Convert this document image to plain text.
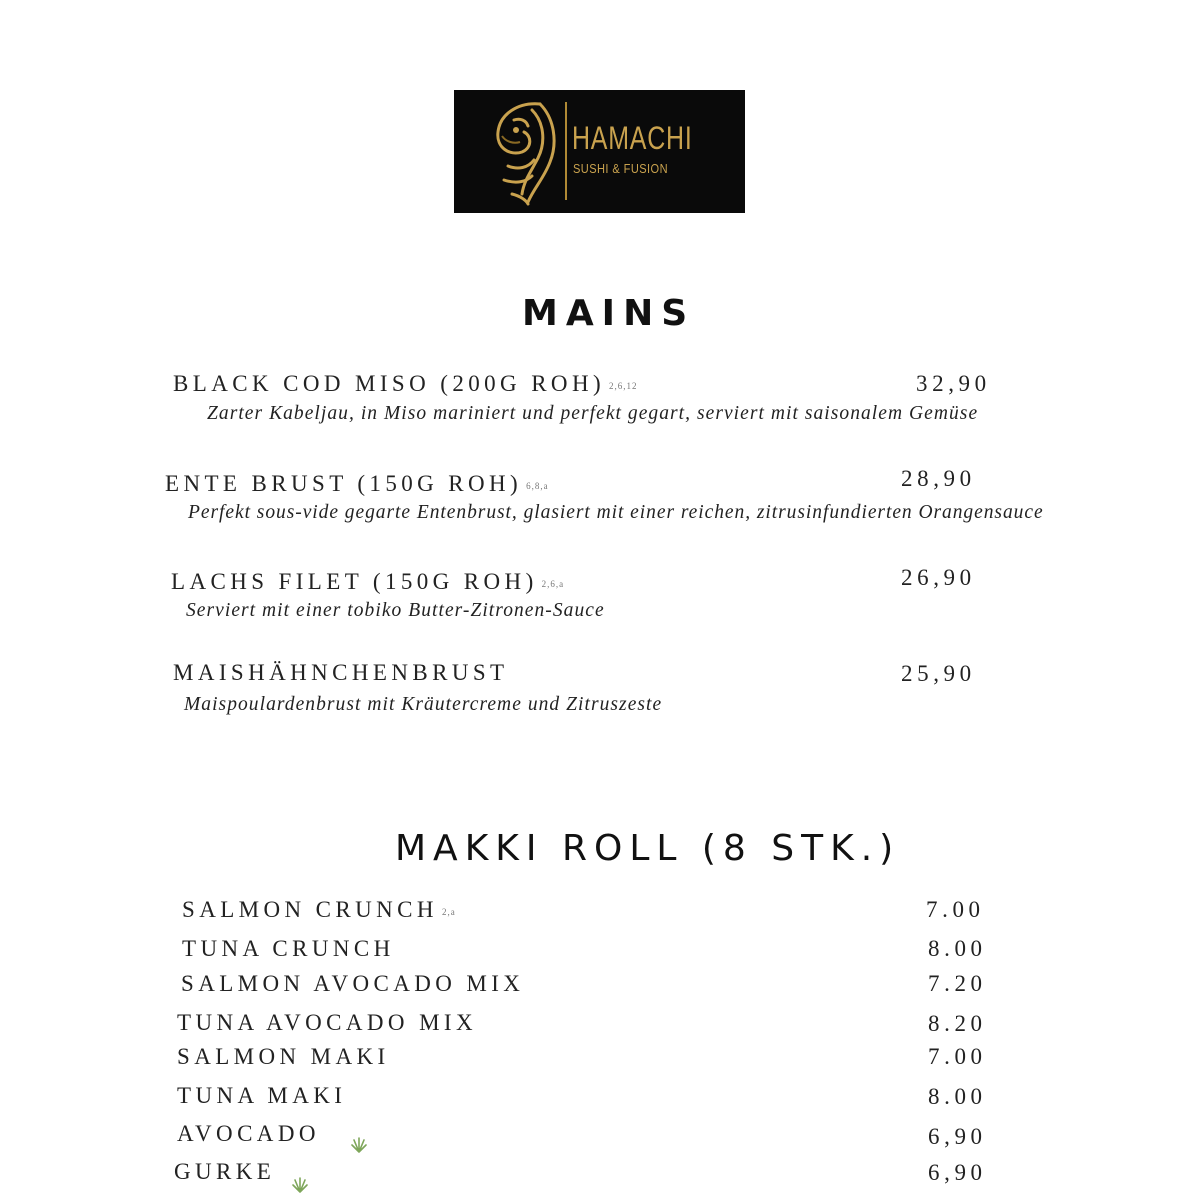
HAMACHI
SUSHI & FUSION
MAINS
BLACK COD MISO (200G ROH) $^{2,6,12}$	32,90
Zarter Kabeljau, in Miso mariniert und perfekt gegart, serviert mit saisonalem Gemüse
ENTE BRUST (150G ROH) $^{6,8,a}$	28,90
Perfekt sous-vide gegarte Entenbrust, glasiert mit einer reichen, zitrusinfundierten Orangensauce
LACHS FILET (150G ROH) $^{2,6,a}$	26,90
Serviert mit einer tobiko Butter-Zitronen-Sauce
MAISHÄHNCHENBRUST	25,90
Maispoulardenbrust mit Kräutercreme und Zitruszeste
MAKKI ROLL (8 STK.)
SALMON CRUNCH $^{2,a}$	7.00
TUNA CRUNCH	8.00
SALMON AVOCADO MIX	7.20
TUNA AVOCADO MIX	8.20
SALMON MAKI	7.00
TUNA MAKI	8.00
AVOCADO	6,90
GURKE	6,90
